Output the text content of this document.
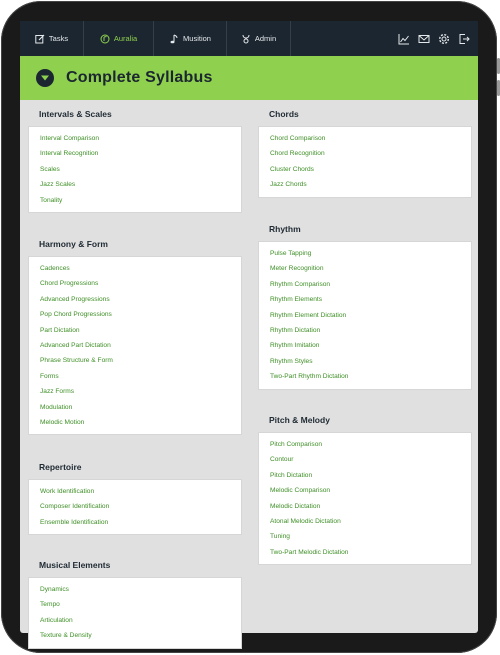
Tasks	Auralia	Musition	Admin
Complete Syllabus
Intervals & Scales
Interval Comparison
Interval Recognition
Scales
Jazz Scales
Tonality
Harmony & Form
Cadences
Chord Progressions
Advanced Progressions
Pop Chord Progressions
Part Dictation
Advanced Part Dictation
Phrase Structure & Form
Forms
Jazz Forms
Modulation
Melodic Motion
Repertoire
Work Identification
Composer Identification
Ensemble Identification
Musical Elements
Dynamics
Tempo
Articulation
Texture & Density
Chords
Chord Comparison
Chord Recognition
Cluster Chords
Jazz Chords
Rhythm
Pulse Tapping
Meter Recognition
Rhythm Comparison
Rhythm Elements
Rhythm Element Dictation
Rhythm Dictation
Rhythm Imitation
Rhythm Styles
Two-Part Rhythm Dictation
Pitch & Melody
Pitch Comparison
Contour
Pitch Dictation
Melodic Comparison
Melodic Dictation
Atonal Melodic Dictation
Tuning
Two-Part Melodic Dictation
